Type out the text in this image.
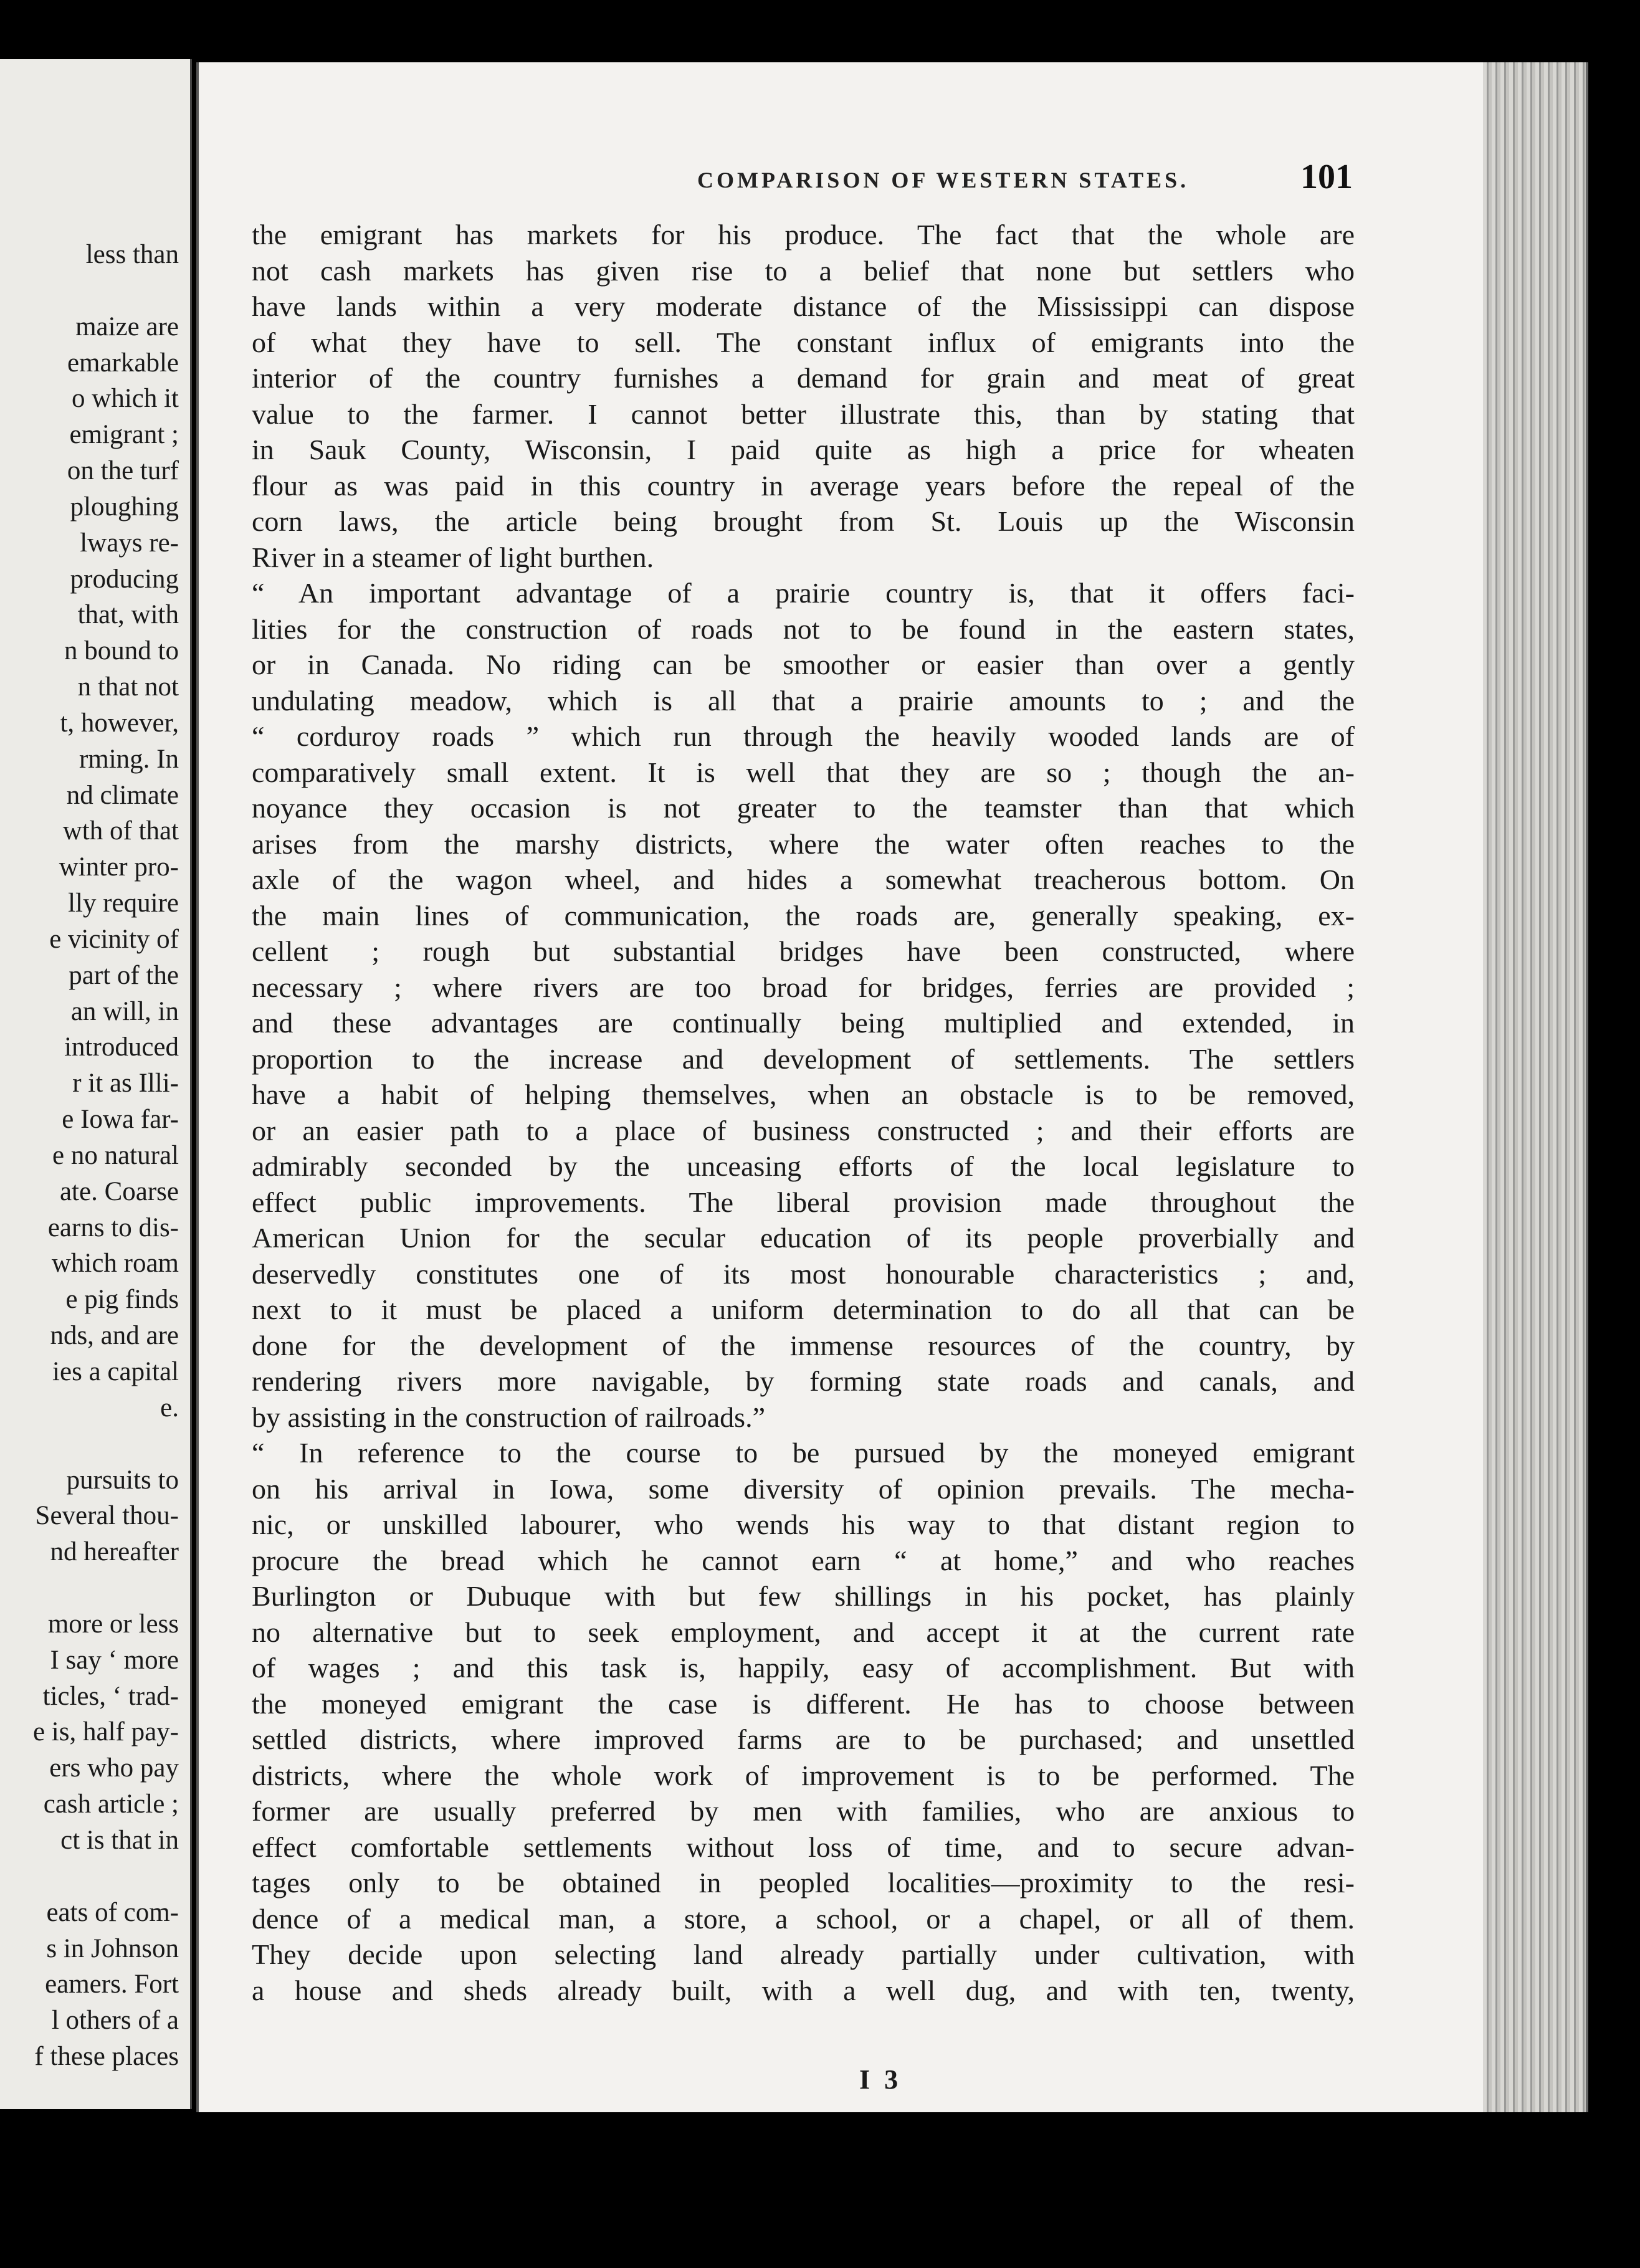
less than
maize are
emarkable
o which it
emigrant ;
on the turf
ploughing
lways re-
producing
that, with
n bound to
n that not
t, however,
rming. In
nd climate
wth of that
winter pro-
lly require
e vicinity of
part of the
an will, in
introduced
r it as Illi-
e Iowa far-
e no natural
ate. Coarse
earns to dis-
which roam
e pig finds
nds, and are
ies a capital
e.
pursuits to
Several thou-
nd hereafter
more or less
I say ‘ more
ticles, ‘ trad-
e is, half pay-
ers who pay
cash article ;
ct is that in
eats of com-
s in Johnson
eamers. Fort
l others of a
f these places
COMPARISON OF WESTERN STATES.	101
the emigrant has markets for his produce. The fact that the whole are
not cash markets has given rise to a belief that none but settlers who
have lands within a very moderate distance of the Mississippi can dispose
of what they have to sell. The constant influx of emigrants into the
interior of the country furnishes a demand for grain and meat of great
value to the farmer. I cannot better illustrate this, than by stating that
in Sauk County, Wisconsin, I paid quite as high a price for wheaten
flour as was paid in this country in average years before the repeal of the
corn laws, the article being brought from St. Louis up the Wisconsin
River in a steamer of light burthen.
“ An important advantage of a prairie country is, that it offers faci-
lities for the construction of roads not to be found in the eastern states,
or in Canada. No riding can be smoother or easier than over a gently
undulating meadow, which is all that a prairie amounts to ; and the
“ corduroy roads ” which run through the heavily wooded lands are of
comparatively small extent. It is well that they are so ; though the an-
noyance they occasion is not greater to the teamster than that which
arises from the marshy districts, where the water often reaches to the
axle of the wagon wheel, and hides a somewhat treacherous bottom. On
the main lines of communication, the roads are, generally speaking, ex-
cellent ; rough but substantial bridges have been constructed, where
necessary ; where rivers are too broad for bridges, ferries are provided ;
and these advantages are continually being multiplied and extended, in
proportion to the increase and development of settlements. The settlers
have a habit of helping themselves, when an obstacle is to be removed,
or an easier path to a place of business constructed ; and their efforts are
admirably seconded by the unceasing efforts of the local legislature to
effect public improvements. The liberal provision made throughout the
American Union for the secular education of its people proverbially and
deservedly constitutes one of its most honourable characteristics ; and,
next to it must be placed a uniform determination to do all that can be
done for the development of the immense resources of the country, by
rendering rivers more navigable, by forming state roads and canals, and
by assisting in the construction of railroads.”
“ In reference to the course to be pursued by the moneyed emigrant
on his arrival in Iowa, some diversity of opinion prevails. The mecha-
nic, or unskilled labourer, who wends his way to that distant region to
procure the bread which he cannot earn “ at home,” and who reaches
Burlington or Dubuque with but few shillings in his pocket, has plainly
no alternative but to seek employment, and accept it at the current rate
of wages ; and this task is, happily, easy of accomplishment. But with
the moneyed emigrant the case is different. He has to choose between
settled districts, where improved farms are to be purchased; and unsettled
districts, where the whole work of improvement is to be performed. The
former are usually preferred by men with families, who are anxious to
effect comfortable settlements without loss of time, and to secure advan-
tages only to be obtained in peopled localities—proximity to the resi-
dence of a medical man, a store, a school, or a chapel, or all of them.
They decide upon selecting land already partially under cultivation, with
a house and sheds already built, with a well dug, and with ten, twenty,
I 3
